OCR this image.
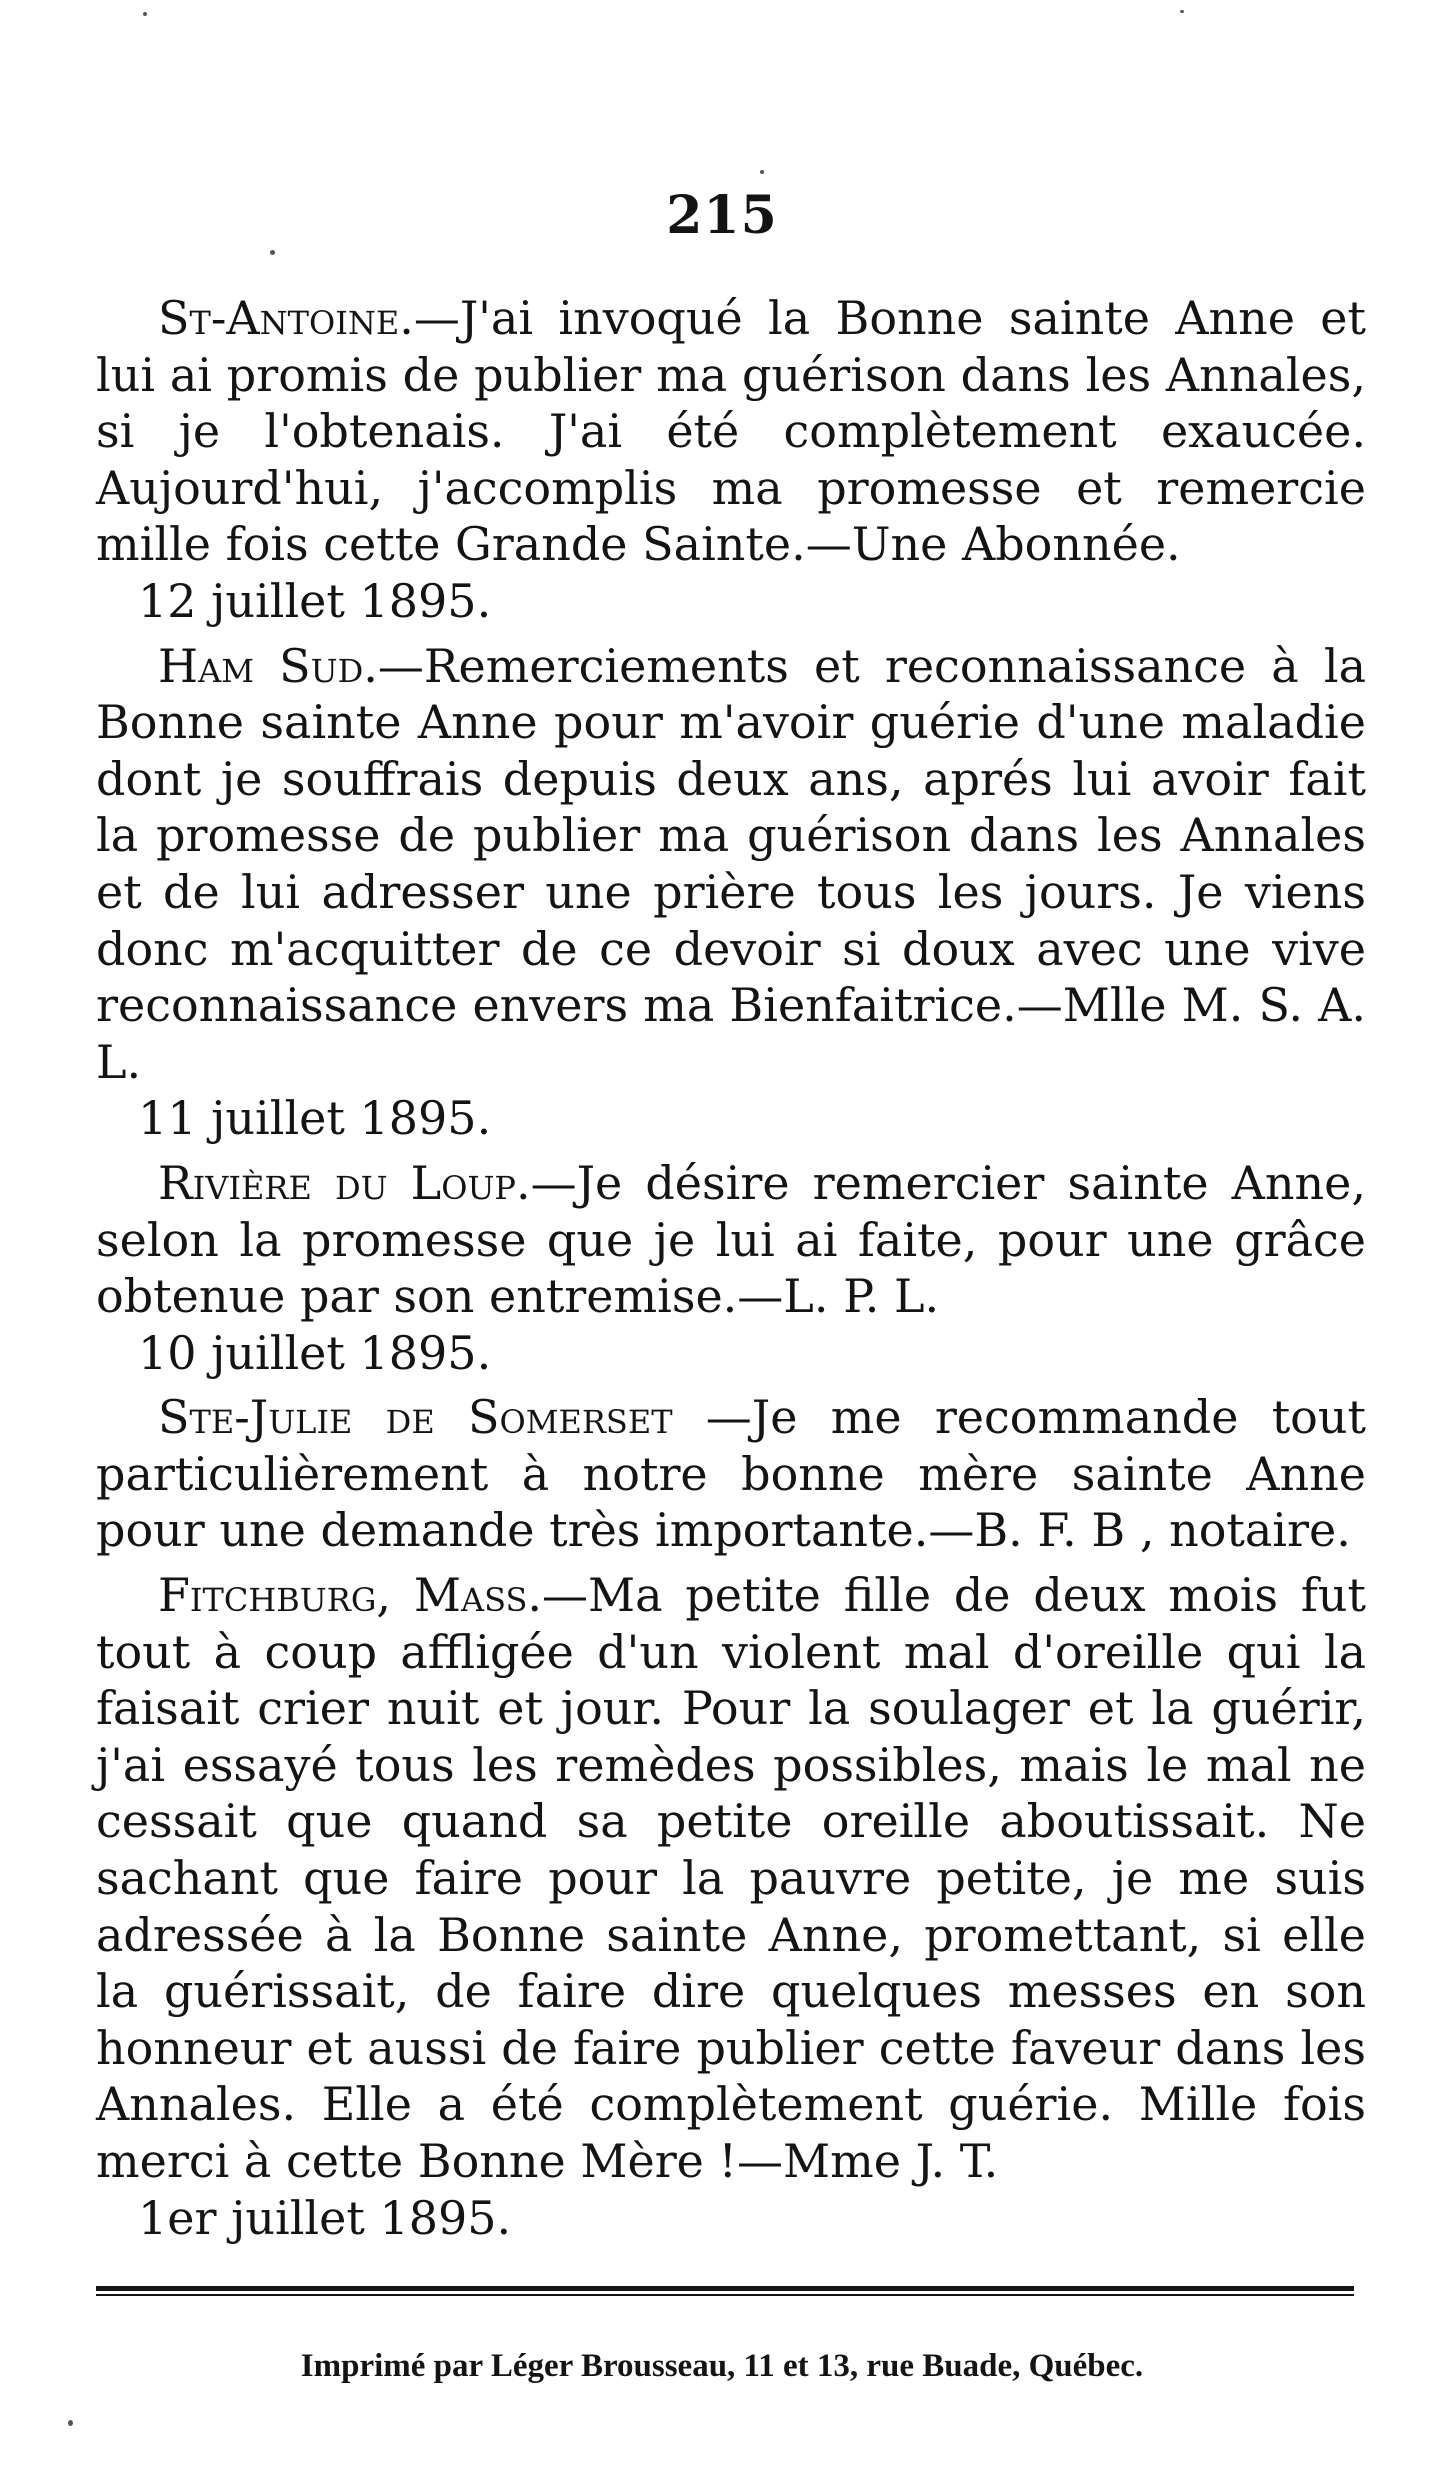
215

St-Antoine.—J'ai invoqué la Bonne sainte Anne et lui ai promis de publier ma guérison dans les Annales, si je l'obtenais. J'ai été complètement exaucée. Aujourd'hui, j'accomplis ma promesse et remercie mille fois cette Grande Sainte.—Une Abonnée.

12 juillet 1895.

Ham Sud.—Remerciements et reconnaissance à la Bonne sainte Anne pour m'avoir guérie d'une maladie dont je souffrais depuis deux ans, aprés lui avoir fait la promesse de publier ma guérison dans les Annales et de lui adresser une prière tous les jours. Je viens donc m'acquitter de ce devoir si doux avec une vive reconnaissance envers ma Bienfaitrice.—Mlle M. S. A. L.

11 juillet 1895.

Rivière du Loup.—Je désire remercier sainte Anne, selon la promesse que je lui ai faite, pour une grâce obtenue par son entremise.—L. P. L.

10 juillet 1895.

Ste-Julie de Somerset —Je me recommande tout particulièrement à notre bonne mère sainte Anne pour une demande très importante.—B. F. B , notaire.

Fitchburg, Mass.—Ma petite fille de deux mois fut tout à coup affligée d'un violent mal d'oreille qui la faisait crier nuit et jour. Pour la soulager et la guérir, j'ai essayé tous les remèdes possibles, mais le mal ne cessait que quand sa petite oreille aboutissait. Ne sachant que faire pour la pauvre petite, je me suis adressée à la Bonne sainte Anne, promettant, si elle la guérissait, de faire dire quelques messes en son honneur et aussi de faire publier cette faveur dans les Annales. Elle a été complètement guérie. Mille fois merci à cette Bonne Mère !—Mme J. T.

1er juillet 1895.

Imprimé par Léger Brousseau, 11 et 13, rue Buade, Québec.
